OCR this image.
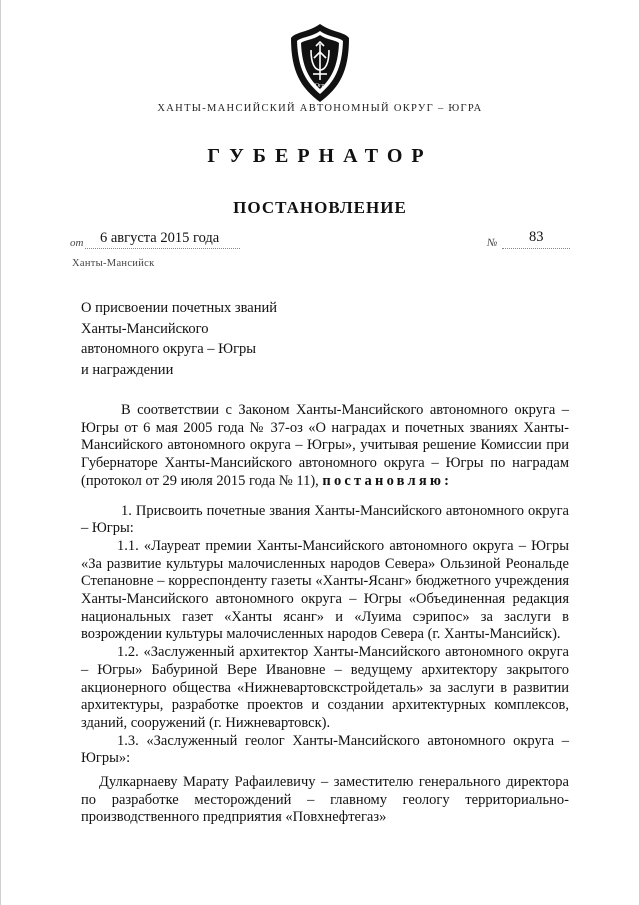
Югра
ХАНТЫ-МАНСИЙСКИЙ АВТОНОМНЫЙ ОКРУГ – ЮГРА
ГУБЕРНАТОР
ПОСТАНОВЛЕНИЕ
от 6 августа 2015 года	№ 83
Ханты-Мансийск
О присвоении почетных званий
Ханты-Мансийского
автономного округа – Югры
и награждении

В соответствии с Законом Ханты-Мансийского автономного округа – Югры от 6 мая 2005 года № 37-оз «О наградах и почетных званиях Ханты-Мансийского автономного округа – Югры», учитывая решение Комиссии при Губернаторе Ханты-Мансийского автономного округа – Югры по наградам (протокол от 29 июля 2015 года № 11), постановляю:

1. Присвоить почетные звания Ханты-Мансийского автономного округа – Югры:

1.1. «Лауреат премии Ханты-Мансийского автономного округа – Югры «За развитие культуры малочисленных народов Севера» Ользиной Реональде Степановне – корреспонденту газеты «Ханты-Ясанг» бюджетного учреждения Ханты-Мансийского автономного округа – Югры «Объединенная редакция национальных газет «Ханты ясанг» и «Луима сэрипос» за заслуги в возрождении культуры малочисленных народов Севера (г. Ханты-Мансийск).

1.2. «Заслуженный архитектор Ханты-Мансийского автономного округа – Югры» Бабуриной Вере Ивановне – ведущему архитектору закрытого акционерного общества «Нижневартовскстройдеталь» за заслуги в развитии архитектуры, разработке проектов и создании архитектурных комплексов, зданий, сооружений (г. Нижневартовск).

1.3. «Заслуженный геолог Ханты-Мансийского автономного округа – Югры»:

Дулкарнаеву Марату Рафаилевичу – заместителю генерального директора по разработке месторождений – главному геологу территориально-производственного предприятия «Повхнефтегаз»
